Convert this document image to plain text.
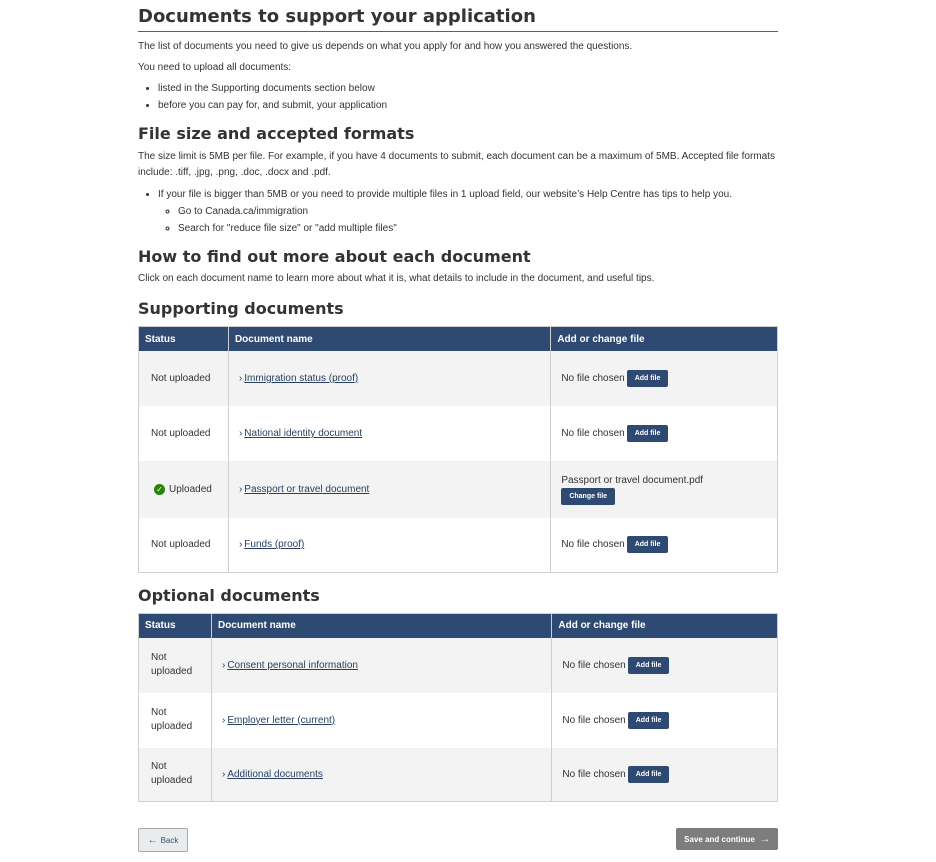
Documents to support your application

The list of documents you need to give us depends on what you apply for and how you answered the questions.

You need to upload all documents:

• listed in the Supporting documents section below
• before you can pay for, and submit, your application
File size and accepted formats

The size limit is 5MB per file. For example, if you have 4 documents to submit, each document can be a maximum of 5MB. Accepted file formats include: .tiff, .jpg, .png, .doc, .docx and .pdf.

• If your file is bigger than 5MB or you need to provide multiple files in 1 upload field, our website’s Help Centre has tips to help you.
◦ Go to Canada.ca/immigration
◦ Search for "reduce file size" or "add multiple files"
How to find out more about each document

Click on each document name to learn more about what it is, what details to include in the document, and useful tips.

Supporting documents
Status	Document name	Add or change file
Not uploaded	› Immigration status (proof)	No file chosen Add file
Not uploaded	› National identity document	No file chosen Add file
✓ Uploaded	› Passport or travel document	Passport or travel document.pdf
Change file
Not uploaded	› Funds (proof)	No file chosen Add file
Optional documents
Status	Document name	Add or change file
Not
uploaded	› Consent personal information	No file chosen Add file
Not
uploaded	› Employer letter (current)	No file chosen Add file
Not
uploaded	› Additional documents	No file chosen Add file
← Back	Save and continue →
